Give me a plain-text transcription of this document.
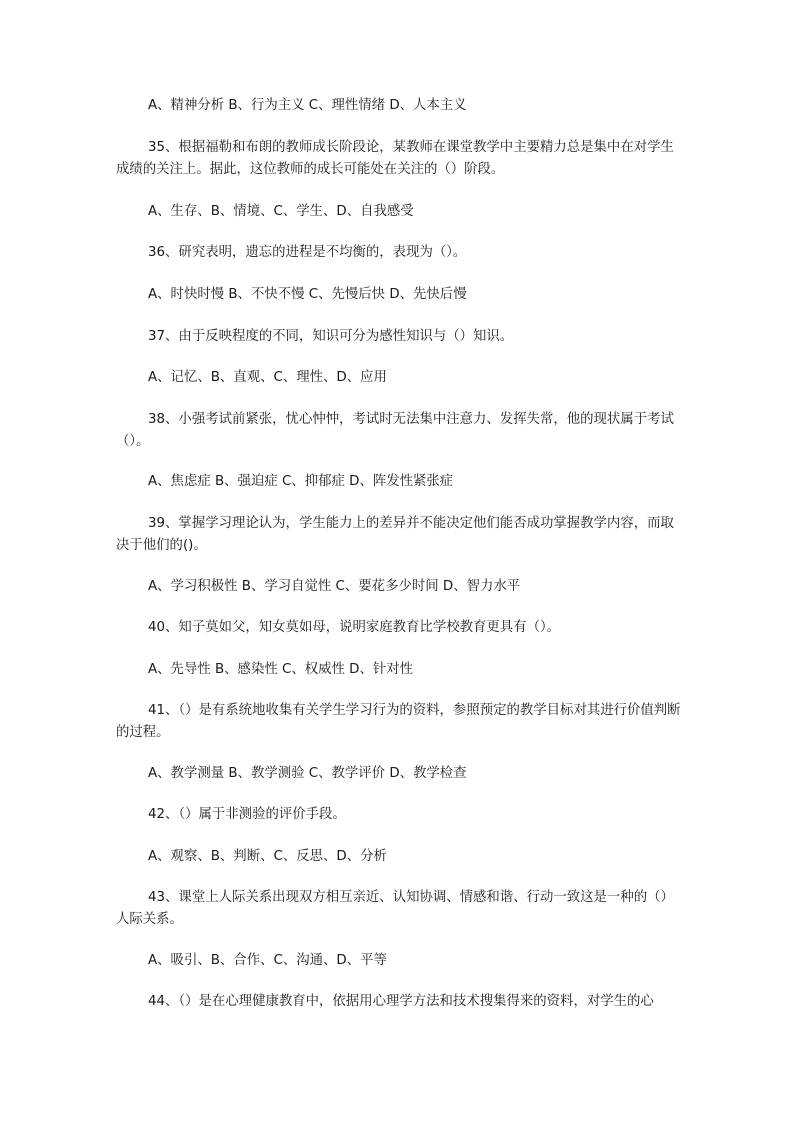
A、精神分析 B、行为主义 C、理性情绪 D、人本主义

35、根据福勒和布朗的教师成长阶段论，某教师在课堂教学中主要精力总是集中在对学生成绩的关注上。据此，这位教师的成长可能处在关注的（）阶段。

A、生存、B、情境、C、学生、D、自我感受

36、研究表明，遗忘的进程是不均衡的，表现为（）。

A、时快时慢 B、不快不慢 C、先慢后快 D、先快后慢

37、由于反映程度的不同，知识可分为感性知识与（）知识。

A、记忆、B、直观、C、理性、D、应用

38、小强考试前紧张，忧心忡忡，考试时无法集中注意力、发挥失常，他的现状属于考试（）。

A、焦虑症 B、强迫症 C、抑郁症 D、阵发性紧张症

39、掌握学习理论认为，学生能力上的差异并不能决定他们能否成功掌握教学内容，而取决于他们的()。

A、学习积极性 B、学习自觉性 C、要花多少时间 D、智力水平

40、知子莫如父，知女莫如母，说明家庭教育比学校教育更具有（）。

A、先导性 B、感染性 C、权威性 D、针对性

41、（）是有系统地收集有关学生学习行为的资料，参照预定的教学目标对其进行价值判断的过程。

A、教学测量 B、教学测验 C、教学评价 D、教学检查

42、（）属于非测验的评价手段。

A、观察、B、判断、C、反思、D、分析

43、课堂上人际关系出现双方相互亲近、认知协调、情感和谐、行动一致这是一种的（）人际关系。

A、吸引、B、合作、C、沟通、D、平等

44、（）是在心理健康教育中，依据用心理学方法和技术搜集得来的资料，对学生的心
